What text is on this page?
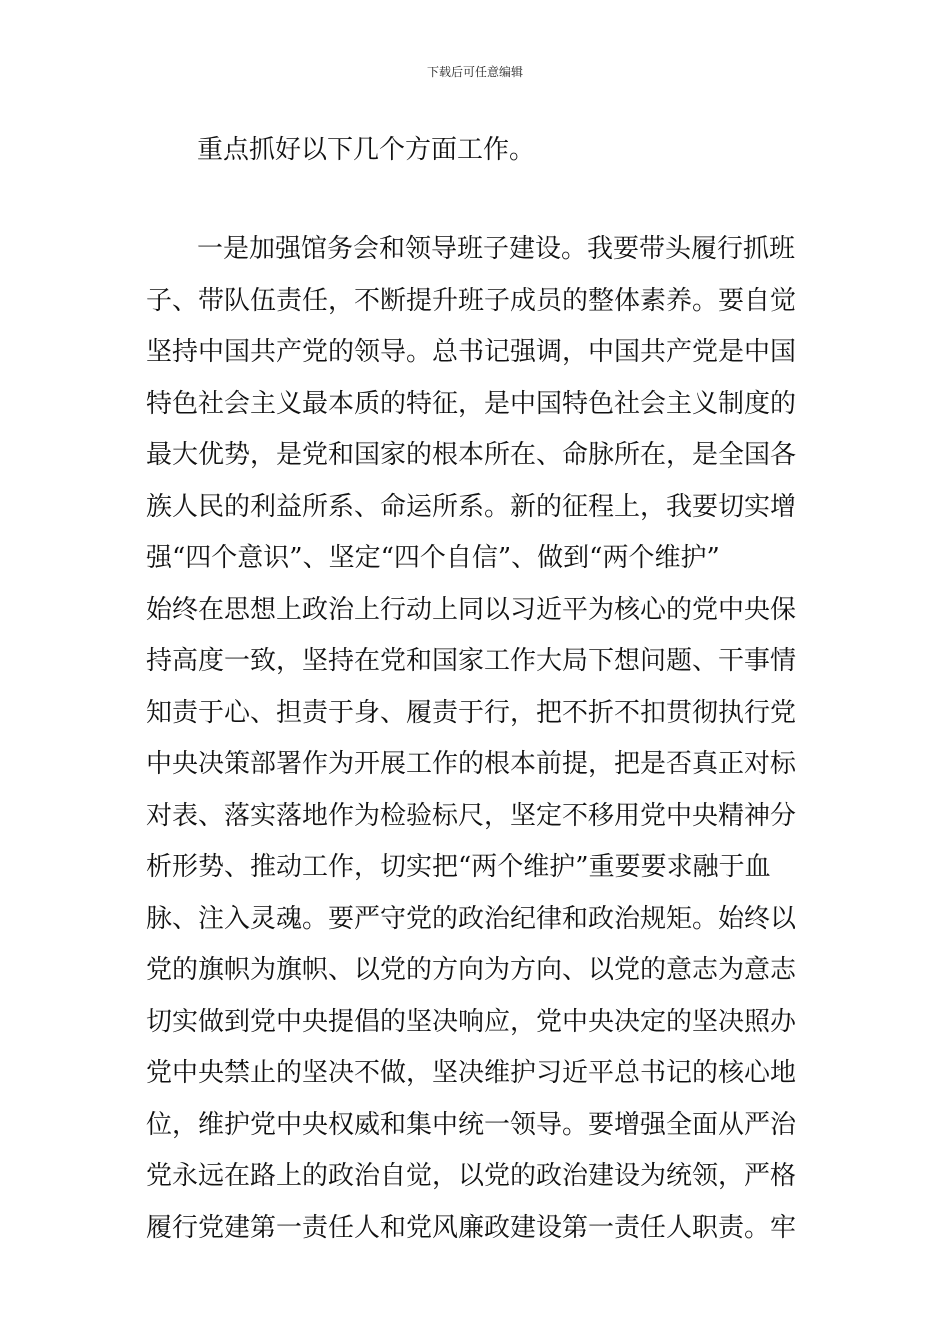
下载后可任意编辑
重点抓好以下几个方面工作。
一是加强馆务会和领导班子建设。我要带头履行抓班
子、带队伍责任，不断提升班子成员的整体素养。要自觉
坚持中国共产党的领导。总书记强调，中国共产党是中国
特色社会主义最本质的特征，是中国特色社会主义制度的
最大优势，是党和国家的根本所在、命脉所在，是全国各
族人民的利益所系、命运所系。新的征程上，我要切实增
强“四个意识”、坚定“四个自信”、做到“两个维护”
始终在思想上政治上行动上同以习近平为核心的党中央保
持高度一致，坚持在党和国家工作大局下想问题、干事情
知责于心、担责于身、履责于行，把不折不扣贯彻执行党
中央决策部署作为开展工作的根本前提，把是否真正对标
对表、落实落地作为检验标尺，坚定不移用党中央精神分
析形势、推动工作，切实把“两个维护”重要要求融于血
脉、注入灵魂。要严守党的政治纪律和政治规矩。始终以
党的旗帜为旗帜、以党的方向为方向、以党的意志为意志
切实做到党中央提倡的坚决响应，党中央决定的坚决照办
党中央禁止的坚决不做，坚决维护习近平总书记的核心地
位，维护党中央权威和集中统一领导。要增强全面从严治
党永远在路上的政治自觉，以党的政治建设为统领，严格
履行党建第一责任人和党风廉政建设第一责任人职责。牢
